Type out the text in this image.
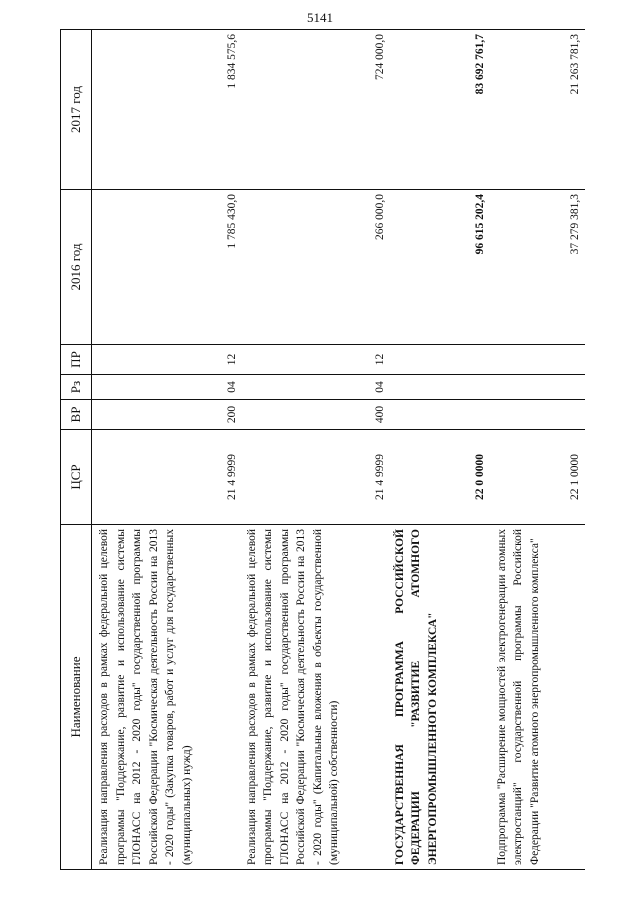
5141
Наименование	ЦСР	ВР	Рз	ПР	2016 год	2017 год
Реализация направления расходов в рамках федеральной целевой программы "Поддержание, развитие и использование системы ГЛОНАСС на 2012 - 2020 годы" государственной программы Российской Федерации "Космическая деятельность России на 2013 - 2020 годы" (Закупка товаров, работ и услуг для государственных (муниципальных) нужд)	21 4 9999	200	04	12	1 785 430,0	1 834 575,6
Реализация направления расходов в рамках федеральной целевой программы "Поддержание, развитие и использование системы ГЛОНАСС на 2012 - 2020 годы" государственной программы Российской Федерации "Космическая деятельность России на 2013 - 2020 годы" (Капитальные вложения в объекты государственной (муниципальной) собственности)	21 4 9999	400	04	12	266 000,0	724 000,0
ГОСУДАРСТВЕННАЯ ПРОГРАММА РОССИЙСКОЙ ФЕДЕРАЦИИ "РАЗВИТИЕ АТОМНОГО ЭНЕРГОПРОМЫШЛЕННОГО КОМПЛЕКСА"	22 0 0000				96 615 202,4	83 692 761,7
Подпрограмма "Расширение мощностей электрогенерации атомных электростанций" государственной программы Российской Федерации "Развитие атомного энергопромышленного комплекса"	22 1 0000				37 279 381,3	21 263 781,3
